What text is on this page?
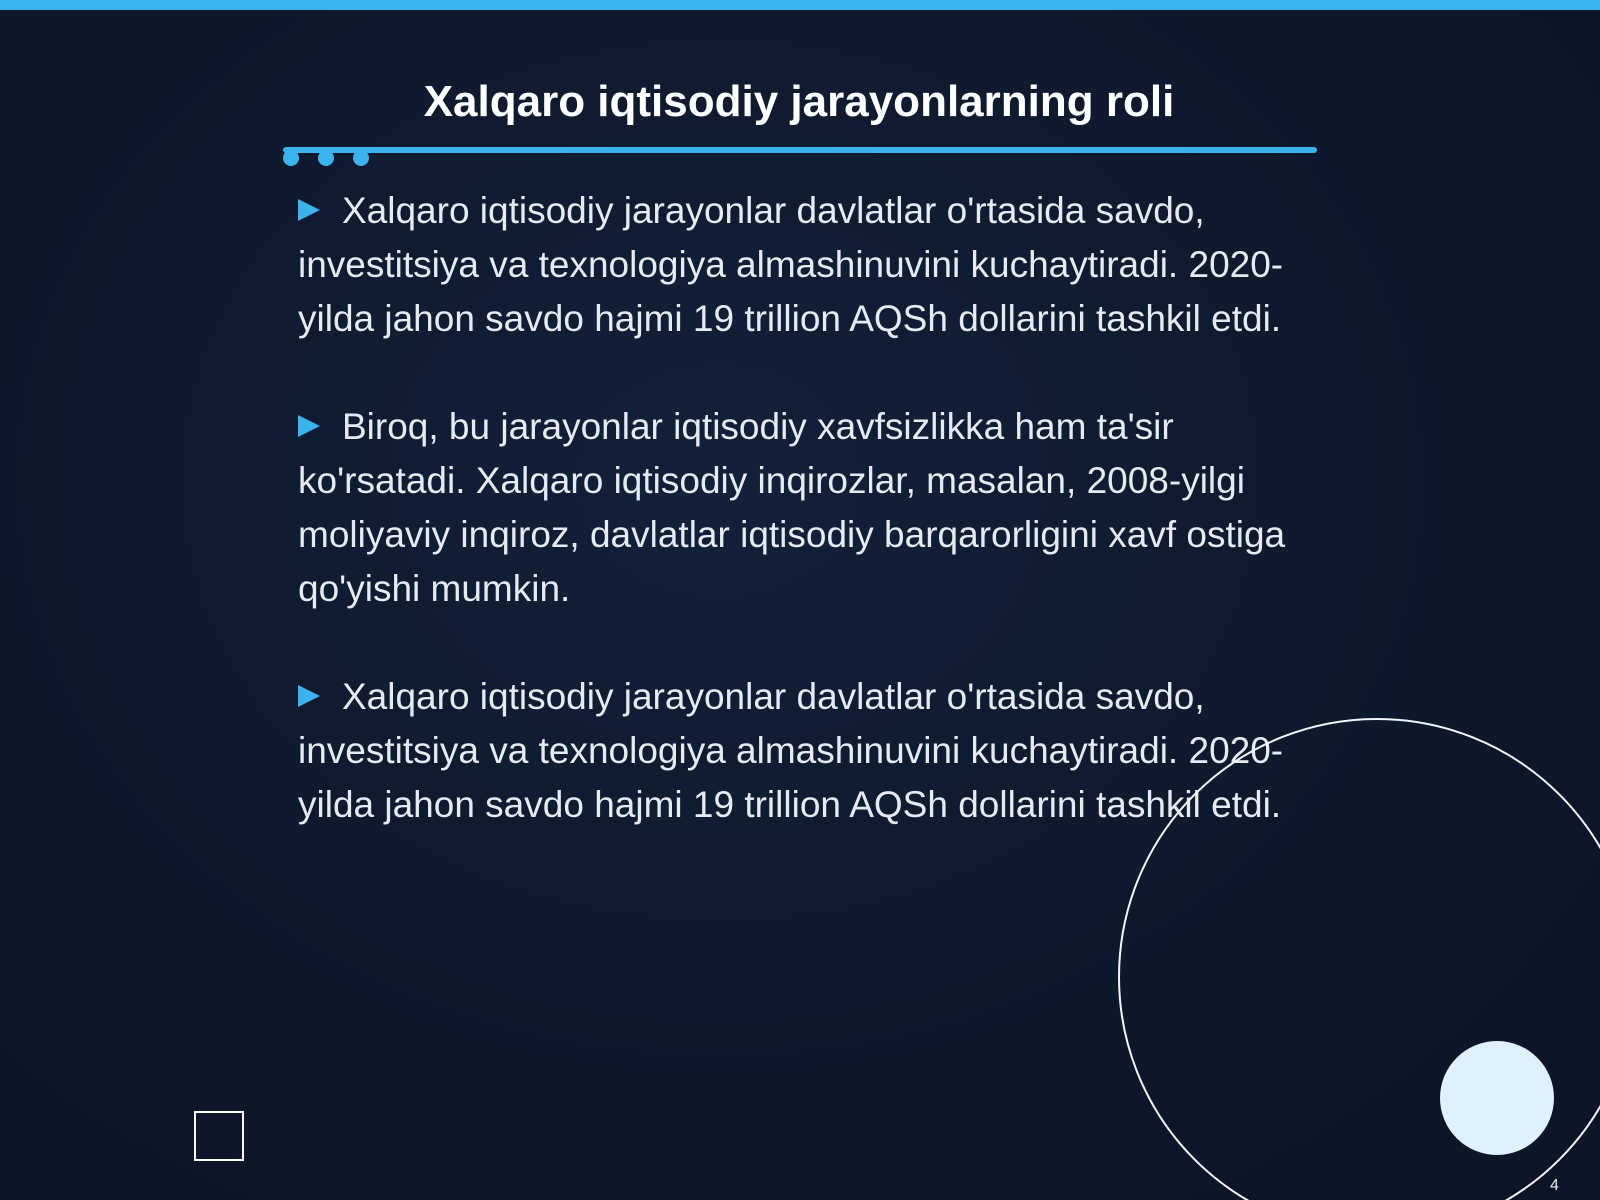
Xalqaro iqtisodiy jarayonlarning roli

Xalqaro iqtisodiy jarayonlar davlatlar o'rtasida savdo, investitsiya va texnologiya almashinuvini kuchaytiradi. 2020-yilda jahon savdo hajmi 19 trillion AQSh dollarini tashkil etdi.

Biroq, bu jarayonlar iqtisodiy xavfsizlikka ham ta'sir ko'rsatadi. Xalqaro iqtisodiy inqirozlar, masalan, 2008-yilgi moliyaviy inqiroz, davlatlar iqtisodiy barqarorligini xavf ostiga qo'yishi mumkin.

Xalqaro iqtisodiy jarayonlar davlatlar o'rtasida savdo, investitsiya va texnologiya almashinuvini kuchaytiradi. 2020-yilda jahon savdo hajmi 19 trillion AQSh dollarini tashkil etdi.

4
